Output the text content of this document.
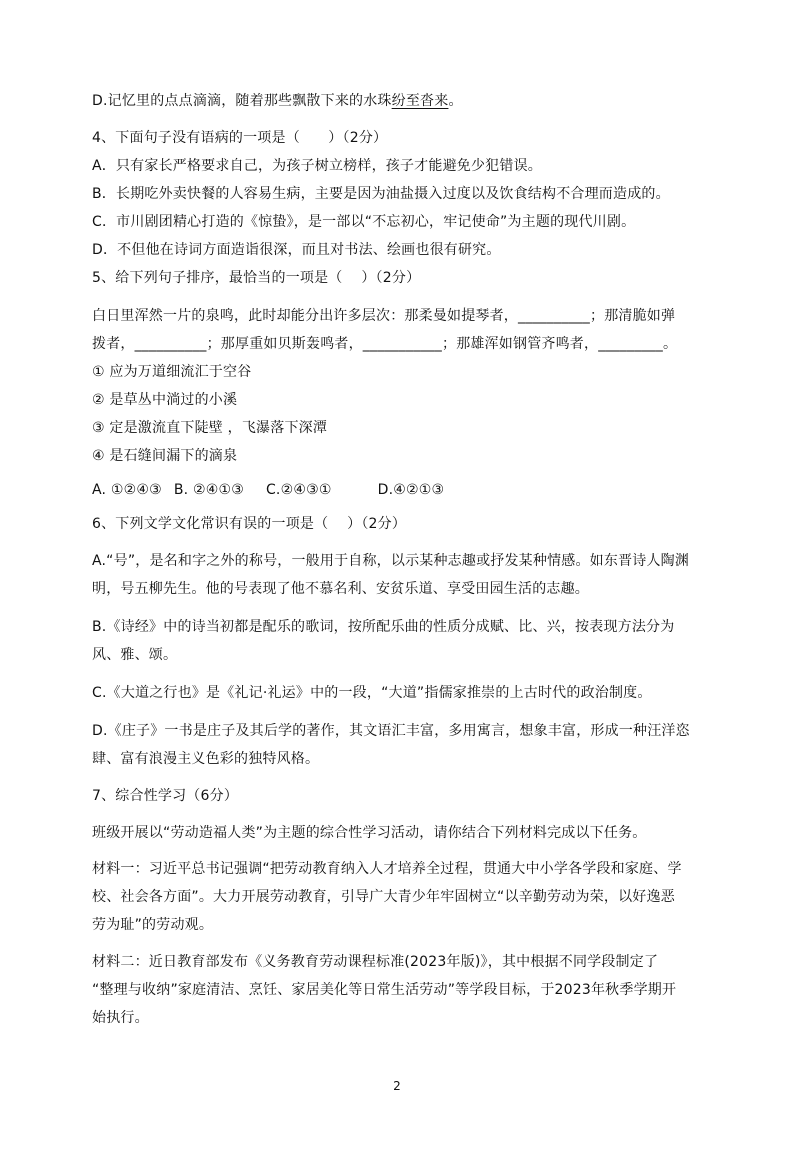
D.记忆里的点点滴滴，随着那些飘散下来的水珠纷至沓来。

4、下面句子没有语病的一项是（　　）（2分）

A．只有家长严格要求自己，为孩子树立榜样，孩子才能避免少犯错误。

B．长期吃外卖快餐的人容易生病，主要是因为油盐摄入过度以及饮食结构不合理而造成的。

C．市川剧团精心打造的《惊蛰》，是一部以“不忘初心，牢记使命”为主题的现代川剧。

D．不但他在诗词方面造诣很深，而且对书法、绘画也很有研究。

5、给下列句子排序，最恰当的一项是（　 ）（2分）

白日里浑然一片的泉鸣，此时却能分出许多层次：那柔曼如提琴者，__________；那清脆如弹

拨者，__________；那厚重如贝斯轰鸣者，___________；那雄浑如钢管齐鸣者，_________。

① 应为万道细流汇于空谷

② 是草丛中淌过的小溪

③ 定是激流直下陡壁 ，飞瀑落下深潭

④ 是石缝间漏下的滴泉

A. ①②④③ B. ②④①③ C.②④③①	D.④②①③

6、下列文学文化常识有误的一项是（　 ）（2分）

A.“号”，是名和字之外的称号，一般用于自称，以示某种志趣或抒发某种情感。如东晋诗人陶渊

明，号五柳先生。他的号表现了他不慕名利、安贫乐道、享受田园生活的志趣。

B.《诗经》中的诗当初都是配乐的歌词，按所配乐曲的性质分成赋、比、兴，按表现方法分为

风、雅、颂。

C.《大道之行也》是《礼记·礼运》中的一段，“大道”指儒家推崇的上古时代的政治制度。

D.《庄子》一书是庄子及其后学的著作，其文语汇丰富，多用寓言，想象丰富，形成一种汪洋恣

肆、富有浪漫主义色彩的独特风格。

7、综合性学习（6分）

班级开展以“劳动造福人类”为主题的综合性学习活动，请你结合下列材料完成以下任务。

材料一：习近平总书记强调“把劳动教育纳入人才培养全过程，贯通大中小学各学段和家庭、学

校、社会各方面”。大力开展劳动教育，引导广大青少年牢固树立“以辛勤劳动为荣，以好逸恶

劳为耻”的劳动观。

材料二：近日教育部发布《义务教育劳动课程标准(2023年版)》，其中根据不同学段制定了

“整理与收纳”家庭清洁、烹饪、家居美化等日常生活劳动”等学段目标，于2023年秋季学期开

始执行。

2
